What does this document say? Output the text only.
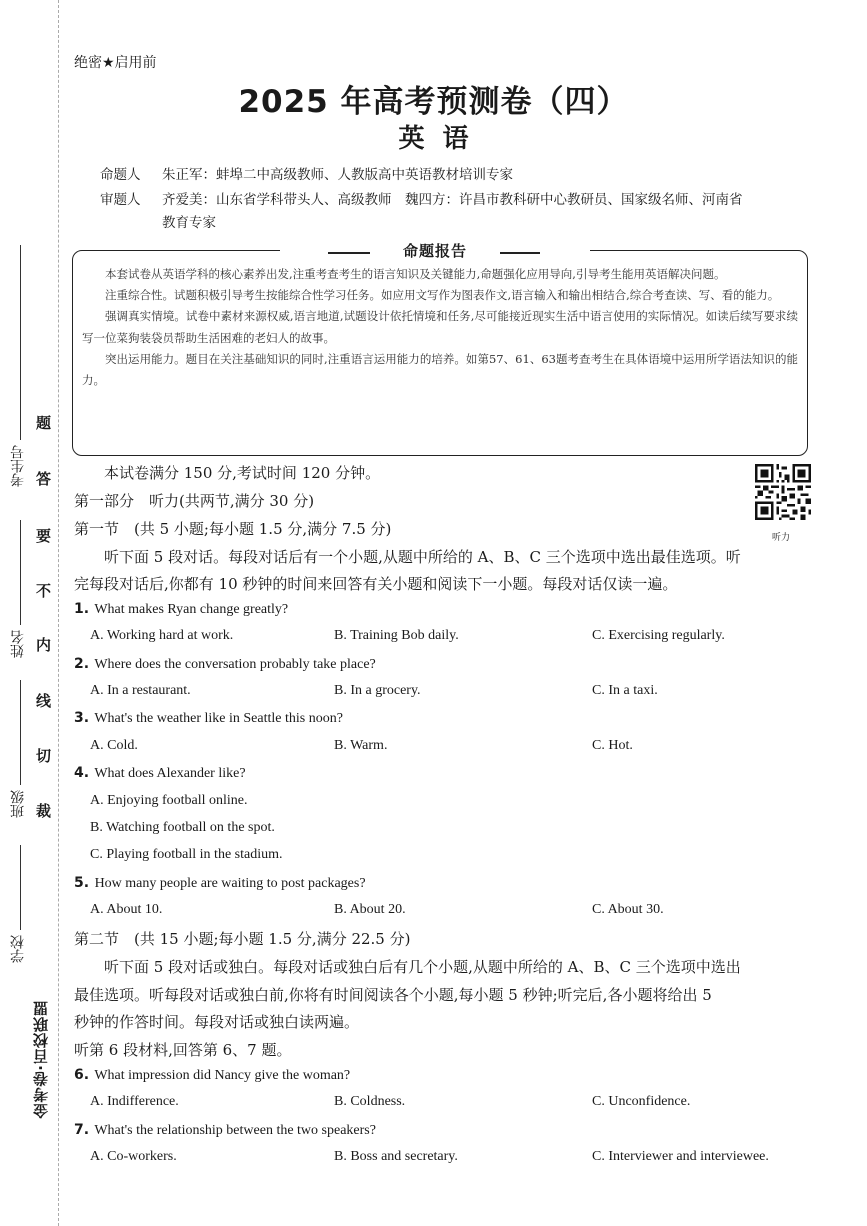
考生号
姓名
班级
学校
题
答
要
不
内
线
切
裁
金考卷·百校联盟
绝密★启用前
2025 年高考预测卷（四）
英语
命题人 朱正军：蚌埠二中高级教师、人教版高中英语教材培训专家
审题人 齐爱美：山东省学科带头人、高级教师　魏四方：许昌市教科研中心教研员、国家级名师、河南省
教育专家
命题报告

本套试卷从英语学科的核心素养出发,注重考查考生的语言知识及关键能力,命题强化应用导向,引导考生能用英语解决问题。

注重综合性。试题积极引导考生按能综合性学习任务。如应用文写作为图表作文,语言输入和输出相结合,综合考查读、写、看的能力。

强调真实情境。试卷中素材来源权威,语言地道,试题设计依托情境和任务,尽可能接近现实生活中语言使用的实际情况。如读后续写要求续写一位菜狗装袋员帮助生活困难的老妇人的故事。

突出运用能力。题目在关注基础知识的同时,注重语言运用能力的培养。如第57、61、63题考查考生在具体语境中运用所学语法知识的能力。

听力
本试卷满分 150 分,考试时间 120 分钟。
第一部分　听力(共两节,满分 30 分)
第一节　(共 5 小题;每小题 1.5 分,满分 7.5 分)
听下面 5 段对话。每段对话后有一个小题,从题中所给的 A、B、C 三个选项中选出最佳选项。听
完每段对话后,你都有 10 秒钟的时间来回答有关小题和阅读下一小题。每段对话仅读一遍。
1. What makes Ryan change greatly?
A. Working hard at work.	B. Training Bob daily.	C. Exercising regularly.
2. Where does the conversation probably take place?
A. In a restaurant.	B. In a grocery.	C. In a taxi.
3. What's the weather like in Seattle this noon?
A. Cold.	B. Warm.	C. Hot.
4. What does Alexander like?
A. Enjoying football online.
B. Watching football on the spot.
C. Playing football in the stadium.
5. How many people are waiting to post packages?
A. About 10.	B. About 20.	C. About 30.
第二节　(共 15 小题;每小题 1.5 分,满分 22.5 分)
听下面 5 段对话或独白。每段对话或独白后有几个小题,从题中所给的 A、B、C 三个选项中选出
最佳选项。听每段对话或独白前,你将有时间阅读各个小题,每小题 5 秒钟;听完后,各小题将给出 5
秒钟的作答时间。每段对话或独白读两遍。
听第 6 段材料,回答第 6、7 题。
6. What impression did Nancy give the woman?
A. Indifference.	B. Coldness.	C. Unconfidence.
7. What's the relationship between the two speakers?
A. Co-workers.	B. Boss and secretary.	C. Interviewer and interviewee.
